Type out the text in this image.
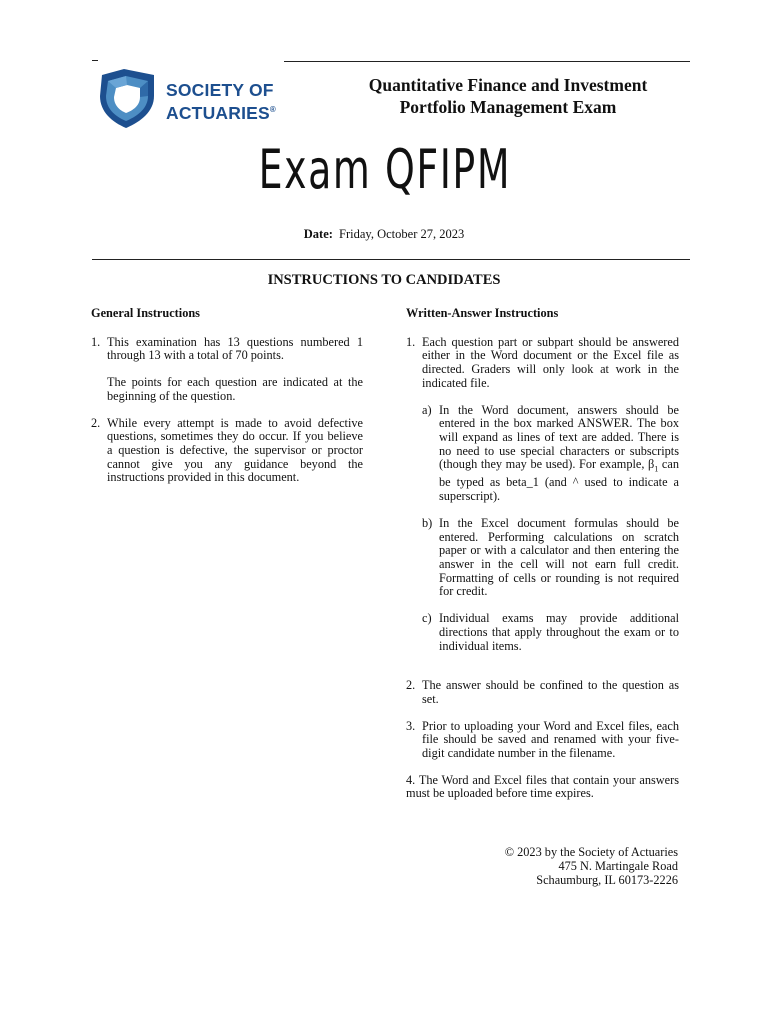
SOCIETY OF
ACTUARIES®
Quantitative Finance and Investment
Portfolio Management Exam
Exam QFIPM
Date: Friday, October 27, 2023
INSTRUCTIONS TO CANDIDATES
General Instructions
1. This examination has 13 questions numbered 1 through 13 with a total of 70 points.

The points for each question are indicated at the beginning of the question.

2. While every attempt is made to avoid defective questions, sometimes they do occur. If you believe a question is defective, the supervisor or proctor cannot give you any guidance beyond the instructions provided in this document.

Written-Answer Instructions
1. Each question part or subpart should be answered either in the Word document or the Excel file as directed. Graders will only look at work in the indicated file.

a) In the Word document, answers should be entered in the box marked ANSWER. The box will expand as lines of text are added. There is no need to use special characters or subscripts (though they may be used). For example, $\beta_1$ can be typed as beta_1 (and ^ used to indicate a superscript).
b) In the Excel document formulas should be entered. Performing calculations on scratch paper or with a calculator and then entering the answer in the cell will not earn full credit. Formatting of cells or rounding is not required for credit.
c) Individual exams may provide additional directions that apply throughout the exam or to individual items.
2. The answer should be confined to the question as set.
3. Prior to uploading your Word and Excel files, each file should be saved and renamed with your five-digit candidate number in the filename.
4. The Word and Excel files that contain your answers must be uploaded before time expires.
© 2023 by the Society of Actuaries
475 N. Martingale Road
Schaumburg, IL 60173-2226
